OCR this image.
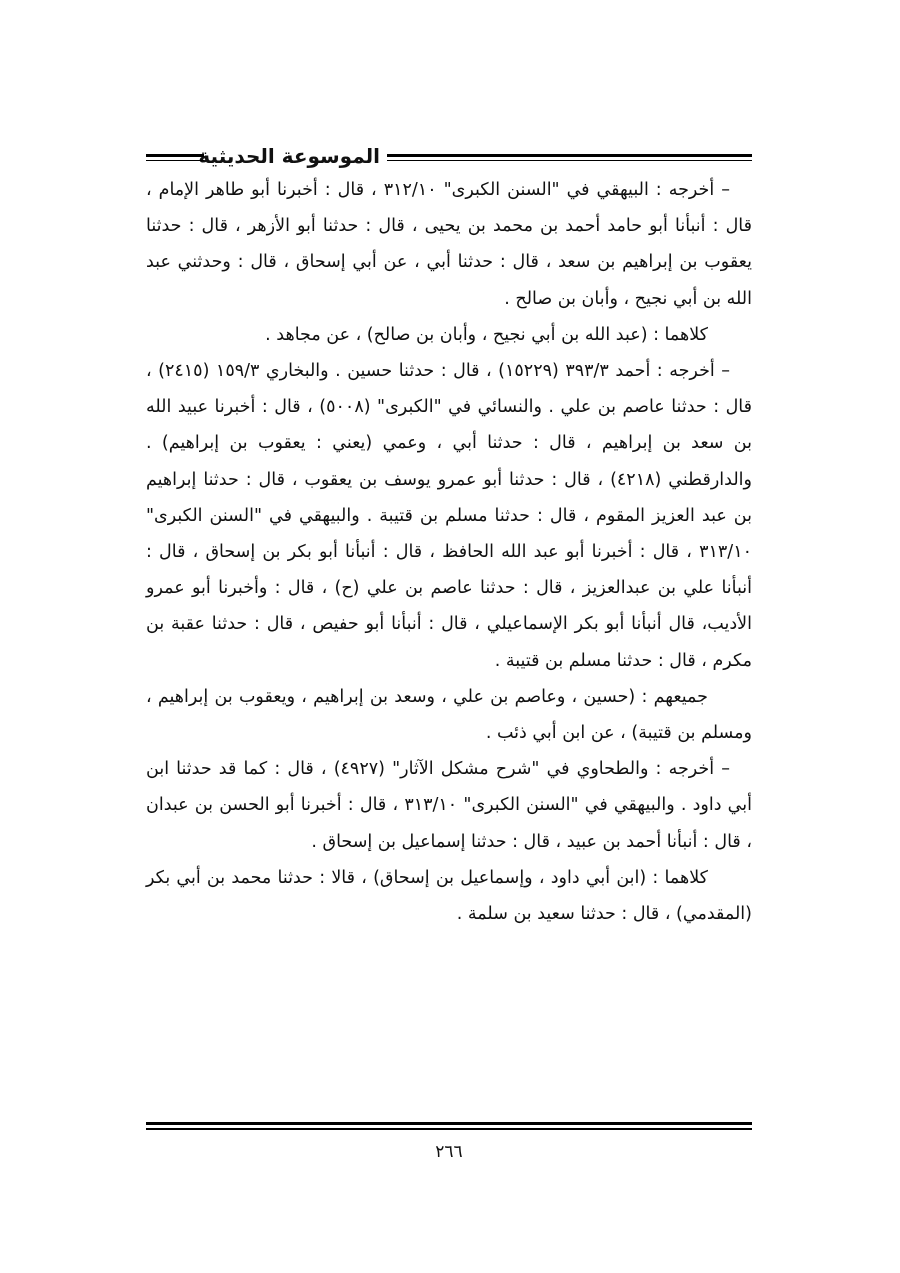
الموسوعة الحديثية

– أخرجه : البيهقي في "السنن الكبرى" ٣١٢/١٠ ، قال : أخبرنا أبو طاهر الإمام ، قال : أنبأنا أبو حامد أحمد بن محمد بن يحيى ، قال : حدثنا أبو الأزهر ، قال : حدثنا يعقوب بن إبراهيم بن سعد ، قال : حدثنا أبي ، عن أبي إسحاق ، قال : وحدثني عبد الله بن أبي نجيح ، وأبان بن صالح .

كلاهما : (عبد الله بن أبي نجيح ، وأبان بن صالح) ، عن مجاهد .

– أخرجه : أحمد ٣٩٣/٣ (١٥٢٢٩) ، قال : حدثنا حسين . والبخاري ١٥٩/٣ (٢٤١٥) ، قال : حدثنا عاصم بن علي . والنسائي في "الكبرى" (٥٠٠٨) ، قال : أخبرنا عبيد الله بن سعد بن إبراهيم ، قال : حدثنا أبي ، وعمي (يعني : يعقوب بن إبراهيم) . والدارقطني (٤٢١٨) ، قال : حدثنا أبو عمرو يوسف بن يعقوب ، قال : حدثنا إبراهيم بن عبد العزيز المقوم ، قال : حدثنا مسلم بن قتيبة . والبيهقي في "السنن الكبرى" ٣١٣/١٠ ، قال : أخبرنا أبو عبد الله الحافظ ، قال : أنبأنا أبو بكر بن إسحاق ، قال : أنبأنا علي بن عبدالعزيز ، قال : حدثنا عاصم بن علي (ح) ، قال : وأخبرنا أبو عمرو الأديب، قال أنبأنا أبو بكر الإسماعيلي ، قال : أنبأنا أبو حفيص ، قال : حدثنا عقبة بن مكرم ، قال : حدثنا مسلم بن قتيبة .

جميعهم : (حسين ، وعاصم بن علي ، وسعد بن إبراهيم ، ويعقوب بن إبراهيم ، ومسلم بن قتيبة) ، عن ابن أبي ذئب .

– أخرجه : والطحاوي في "شرح مشكل الآثار" (٤٩٢٧) ، قال : كما قد حدثنا ابن أبي داود . والبيهقي في "السنن الكبرى" ٣١٣/١٠ ، قال : أخبرنا أبو الحسن بن عبدان ، قال : أنبأنا أحمد بن عبيد ، قال : حدثنا إسماعيل بن إسحاق .

كلاهما : (ابن أبي داود ، وإسماعيل بن إسحاق) ، قالا : حدثنا محمد بن أبي بكر (المقدمي) ، قال : حدثنا سعيد بن سلمة .

٢٦٦
